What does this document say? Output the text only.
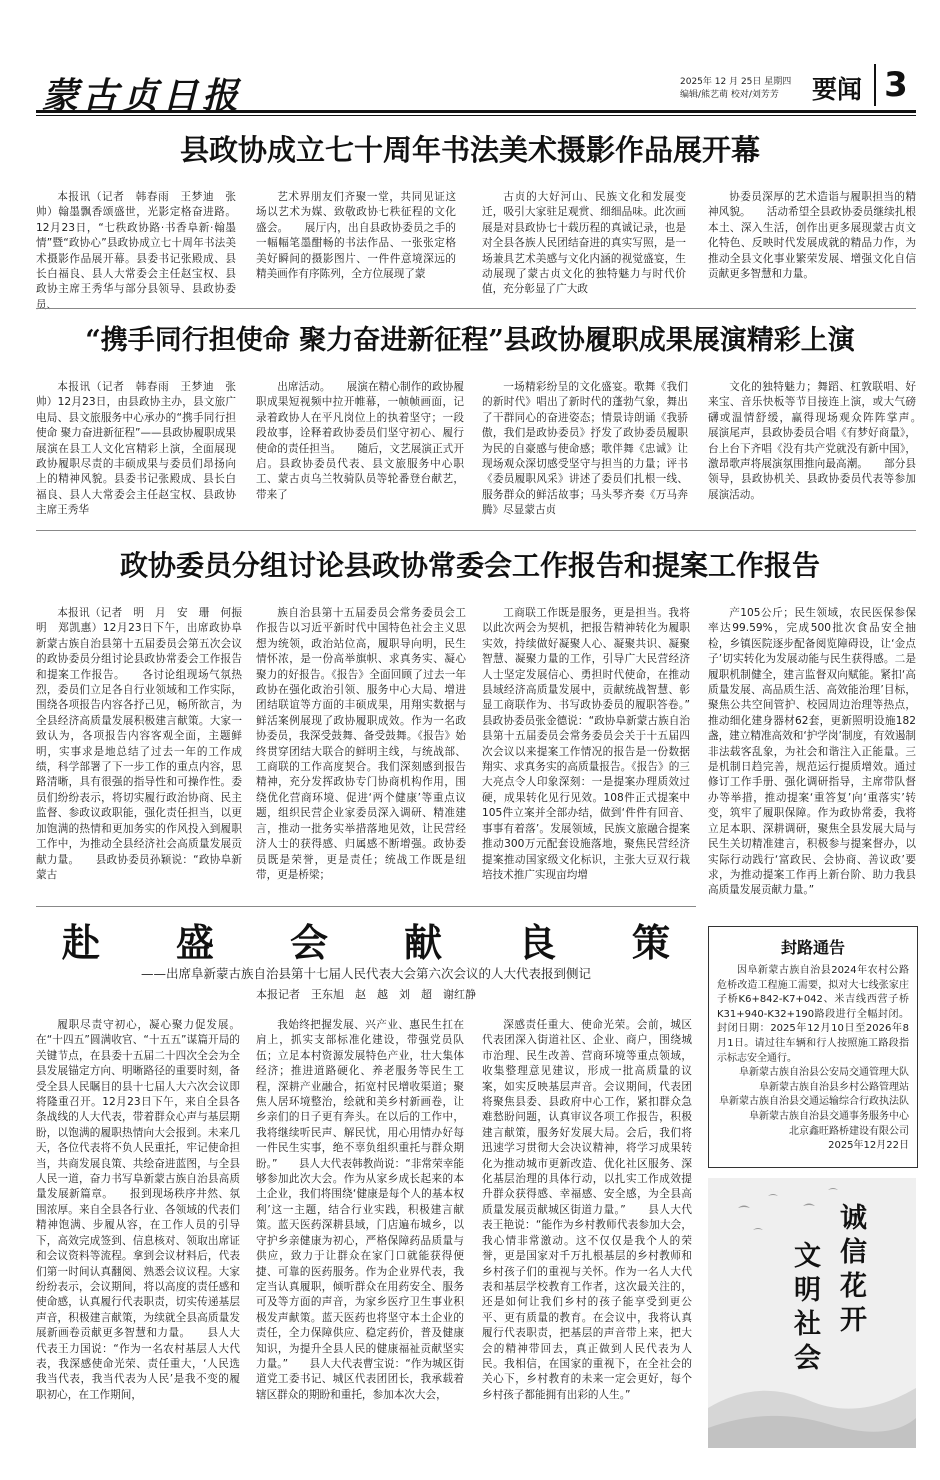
蒙古贞日报	2025年 12 月 25日 星期四
编辑/熊艺萌 校对/刘芳芳	要闻 3
县政协成立七十周年书法美术摄影作品展开幕

本报讯（记者　韩春雨　王梦迪　张　帅）翰墨飘香颂盛世，光影定格奋进路。12月23日，“七秩政协路·书香阜新·翰墨情”暨“政协心”县政协成立七十周年书法美术摄影作品展开幕。县委书记张殿成、县长白福良、县人大常委会主任赵宝权、县政协主席王秀华与部分县领导、县政协委员、

艺术界朋友们齐聚一堂，共同见证这场以艺术为媒、致敬政协七秩征程的文化盛会。　　展厅内，出自县政协委员之手的一幅幅笔墨酣畅的书法作品、一张张定格美好瞬间的摄影图片、一件件意境深远的精美画作有序陈列，全方位展现了蒙

古贞的大好河山、民族文化和发展变迁，吸引大家驻足观赏、细细品味。此次画展是对县政协七十载历程的真诚记录，也是对全县各族人民团结奋进的真实写照，是一场兼具艺术美感与文化内涵的视觉盛宴，生动展现了蒙古贞文化的独特魅力与时代价值，充分彰显了广大政

协委员深厚的艺术造诣与履职担当的精神风貌。　　活动希望全县政协委员继续扎根本土、深入生活，创作出更多展现蒙古贞文化特色、反映时代发展成就的精品力作，为推动全县文化事业繁荣发展、增强文化自信贡献更多智慧和力量。

“携手同行担使命 聚力奋进新征程”县政协履职成果展演精彩上演

本报讯（记者　韩春雨　王梦迪　张　帅）12月23日，由县政协主办，县文旅广电局、县文旅服务中心承办的“携手同行担使命 聚力奋进新征程”——县政协履职成果展演在县工人文化宫精彩上演，全面展现政协履职尽责的丰硕成果与委员们昂扬向上的精神风貌。县委书记张殿成、县长白福良、县人大常委会主任赵宝权、县政协主席王秀华

出席活动。　　展演在精心制作的政协履职成果短视频中拉开帷幕，一帧帧画面，记录着政协人在平凡岗位上的执着坚守；一段段故事，诠释着政协委员们坚守初心、履行使命的责任担当。　　随后，文艺展演正式开启。县政协委员代表、县文旅服务中心职工、蒙古贞乌兰牧骑队员等轮番登台献艺，带来了

一场精彩纷呈的文化盛宴。歌舞《我们的新时代》唱出了新时代的蓬勃气象，舞出了干群同心的奋进姿态；情景诗朗诵《我骄傲，我们是政协委员》抒发了政协委员履职为民的自豪感与使命感；歌伴舞《忠诚》让现场观众深切感受坚守与担当的力量；评书《委员履职风采》讲述了委员们扎根一线、服务群众的鲜活故事；马头琴齐奏《万马奔腾》尽显蒙古贞

文化的独特魅力；舞蹈、杠敦联唱、好来宝、音乐快板等节目接连上演，或大气磅礴或温情舒缓，赢得现场观众阵阵掌声。　　展演尾声，县政协委员合唱《有梦好商量》，台上台下齐唱《没有共产党就没有新中国》，激昂歌声将展演氛围推向最高潮。　　部分县领导，县政协机关、县政协委员代表等参加展演活动。

政协委员分组讨论县政协常委会工作报告和提案工作报告

本报讯（记者　明　月　安　珊　何振明　郑凯惠）12月23日下午，出席政协阜新蒙古族自治县第十五届委员会第五次会议的政协委员分组讨论县政协常委会工作报告和提案工作报告。　　各讨论组现场气氛热烈，委员们立足各自行业领域和工作实际，围绕各项报告内容各抒己见，畅所欲言，为全县经济高质量发展积极建言献策。大家一致认为，各项报告内容客观全面，主题鲜明，实事求是地总结了过去一年的工作成绩，科学部署了下一步工作的重点内容，思路清晰，具有很强的指导性和可操作性。委员们纷纷表示，将切实履行政治协商、民主监督、参政议政职能，强化责任担当，以更加饱满的热情和更加务实的作风投入到履职工作中，为推动全县经济社会高质量发展贡献力量。　　县政协委员孙颖说：“政协阜新蒙古

族自治县第十五届委员会常务委员会工作报告以习近平新时代中国特色社会主义思想为统领，政治站位高，履职导向明，民生情怀浓，是一份高举旗帜、求真务实、凝心聚力的好报告。《报告》全面回顾了过去一年政协在强化政治引领、服务中心大局、增进团结联谊等方面的丰硕成果，用翔实数据与鲜活案例展现了政协履职成效。作为一名政协委员，我深受鼓舞、备受鼓舞。《报告》始终贯穿团结大联合的鲜明主线，与统战部、工商联的工作高度契合。我们深刻感到报告精神，充分发挥政协专门协商机构作用，围绕优化营商环境、促进‘两个健康’等重点议题，组织民营企业家委员深入调研、精准建言，推动一批务实举措落地见效，让民营经济人士的获得感、归属感不断增强。政协委员既是荣誉，更是责任；统战工作既是纽带，更是桥梁；

工商联工作既是服务，更是担当。我将以此次两会为契机，把报告精神转化为履职实效，持续做好凝聚人心、凝聚共识、凝聚智慧、凝聚力量的工作，引导广大民营经济人士坚定发展信心、勇担时代使命，在推动县域经济高质量发展中，贡献统战智慧、彰显工商联作为、书写政协委员的履职答卷。”　　县政协委员张金德说：“政协阜新蒙古族自治县第十五届委员会常务委员会关于十五届四次会议以来提案工作情况的报告是一份数据翔实、求真务实的高质量报告。《报告》的三大亮点令人印象深刻：一是提案办理质效过硬，成果转化见行见效。108件正式提案中105件立案并全部办结，做到‘件件有回音、事事有着落’。发展领域，民族文旅融合提案推动300万元配套设施落地，聚焦民营经济提案推动国家级文化标识，主张大豆双行栽培技术推广实现亩均增

产105公斤；民生领域，农民医保参保率达99.59%，完成500批次食品安全抽检，乡镇医院逐步配备阅览障碍设，让‘金点子’切实转化为发展动能与民生获得感。二是履职机制健全，建言监督双向赋能。紧扣‘高质量发展、高品质生活、高效能治理’目标，聚焦公共空间管护、校园周边治理等热点，推动细化建身器材62套，更新照明设施182盏，建立精准高效和‘护学岗’制度，有效遏制非法载客乱象，为社会和谐注入正能量。三是机制日趋完善，规范运行提质增效。通过修订工作手册、强化调研指导，主席带队督办等举措，推动提案‘重答复’向‘重落实’转变，筑牢了履职保障。作为政协常委，我将立足本职、深耕调研，聚焦全县发展大局与民生关切精准建言，积极参与提案督办，以实际行动践行‘富政民、会协商、善议政’要求，为推动提案工作再上新台阶、助力我县高质量发展贡献力量。”

赴　　盛　　会　　献　　良　　策
——出席阜新蒙古族自治县第十七届人民代表大会第六次会议的人大代表报到侧记
本报记者　王东旭　赵　越　刘　超　谢红静

履职尽责守初心，凝心聚力促发展。在“十四五”圆满收官、“十五五”谋篇开局的关键节点，在县委十五届二十四次全会为全县发展锚定方向、明晰路径的重要时刻，备受全县人民瞩目的县十七届人大六次会议即将隆重召开。12月23日下午，来自全县各条战线的人大代表，带着群众心声与基层期盼，以饱满的履职热情向大会报到。未来几天，各位代表将不负人民重托，牢记使命担当，共商发展良策、共绘奋进蓝图，与全县人民一道，奋力书写阜新蒙古族自治县高质量发展新篇章。　　报到现场秩序井然、氛围浓厚。来自全县各行业、各领域的代表们精神饱满、步履从容，在工作人员的引导下，高效完成签到、信息核对、领取出席证和会议资料等流程。拿到会议材料后，代表们第一时间认真翻阅、熟悉会议议程。大家纷纷表示，会议期间，将以高度的责任感和使命感，认真履行代表职责，切实传递基层声音，积极建言献策，为续就全县高质量发展新画卷贡献更多智慧和力量。　　县人大代表王力国说：“作为一名农村基层人大代表，我深感使命光荣、责任重大，‘人民选我当代表，我当代表为人民’是我不变的履职初心，在工作期间，

我始终把握发展、兴产业、惠民生扛在肩上，抓实支部标准化建设，带强党员队伍；立足本村资源发展特色产业，壮大集体经济；推进道路硬化、养老服务等民生工程，深耕产业融合，拓宽村民增收渠道；聚焦人居环境整治，绘就和美乡村新画卷，让乡亲们的日子更有奔头。在以后的工作中，我将继续听民声、解民忧，用心用情办好每一件民生实事，绝不辜负组织重托与群众期盼。”　　县人大代表韩教尚说：“非常荣幸能够参加此次大会。作为从家乡成长起来的本土企业，我们将围绕‘健康是每个人的基本权利’这一主题，结合行业实践，积极建言献策。蓝天医药深耕县域，门店遍布城乡，以守护乡亲健康为初心，严格保障药品质量与供应，致力于让群众在家门口就能获得便捷、可靠的医药服务。作为企业界代表，我定当认真履职，倾听群众在用药安全、服务可及等方面的声音，为家乡医疗卫生事业积极发声献策。蓝天医药也将坚守本土企业的责任，全力保障供应、稳定药价，普及健康知识，为提升全县人民的健康福祉贡献坚实力量。”　　县人大代表曹宝说：“作为城区街道党工委书记、城区代表团团长，我承载着辖区群众的期盼和重托，参加本次大会，

深感责任重大、使命光荣。会前，城区代表团深入街道社区、企业、商户，围绕城市治理、民生改善、营商环境等重点领域，收集整理意见建议，形成一批高质量的议案，如实反映基层声音。会议期间，代表团将聚焦县委、县政府中心工作，紧扣群众急难愁盼问题，认真审议各项工作报告，积极建言献策，服务好发展大局。会后，我们将迅速学习贯彻大会决议精神，将学习成果转化为推动城市更新改造、优化社区服务、深化基层治理的具体行动，以扎实工作成效提升群众获得感、幸福感、安全感，为全县高质量发展贡献城区街道力量。”　　县人大代表王艳说：“能作为乡村教师代表参加大会，我心情非常激动。这不仅仅是我个人的荣誉，更是国家对千万扎根基层的乡村教师和乡村孩子们的重视与关怀。作为一名人大代表和基层学校教育工作者，这次最关注的，还是如何让我们乡村的孩子能享受到更公平、更有质量的教育。在会议中，我将认真履行代表职责，把基层的声音带上来，把大会的精神带回去，真正做到人民代表为人民。我相信，在国家的重视下，在全社会的关心下，乡村教育的未来一定会更好，每个乡村孩子都能拥有出彩的人生。”

封路通告

因阜新蒙古族自治县2024年农村公路危桥改造工程施工需要，拟对大七线张家庄子桥K6+842-K7+042、米吉线西营子桥K31+940-K32+190路段进行全幅封闭。封闭日期：2025年12月10日至2026年8月1日。请过往车辆和行人按照施工路段指示标志安全通行。

阜新蒙古族自治县公安局交通管理大队

阜新蒙古族自治县乡村公路管理站

阜新蒙古族自治县交通运输综合行政执法队

阜新蒙古族自治县交通事务服务中心

北京鑫旺路桥建设有限公司

2025年12月22日

文明社会
诚信花开
